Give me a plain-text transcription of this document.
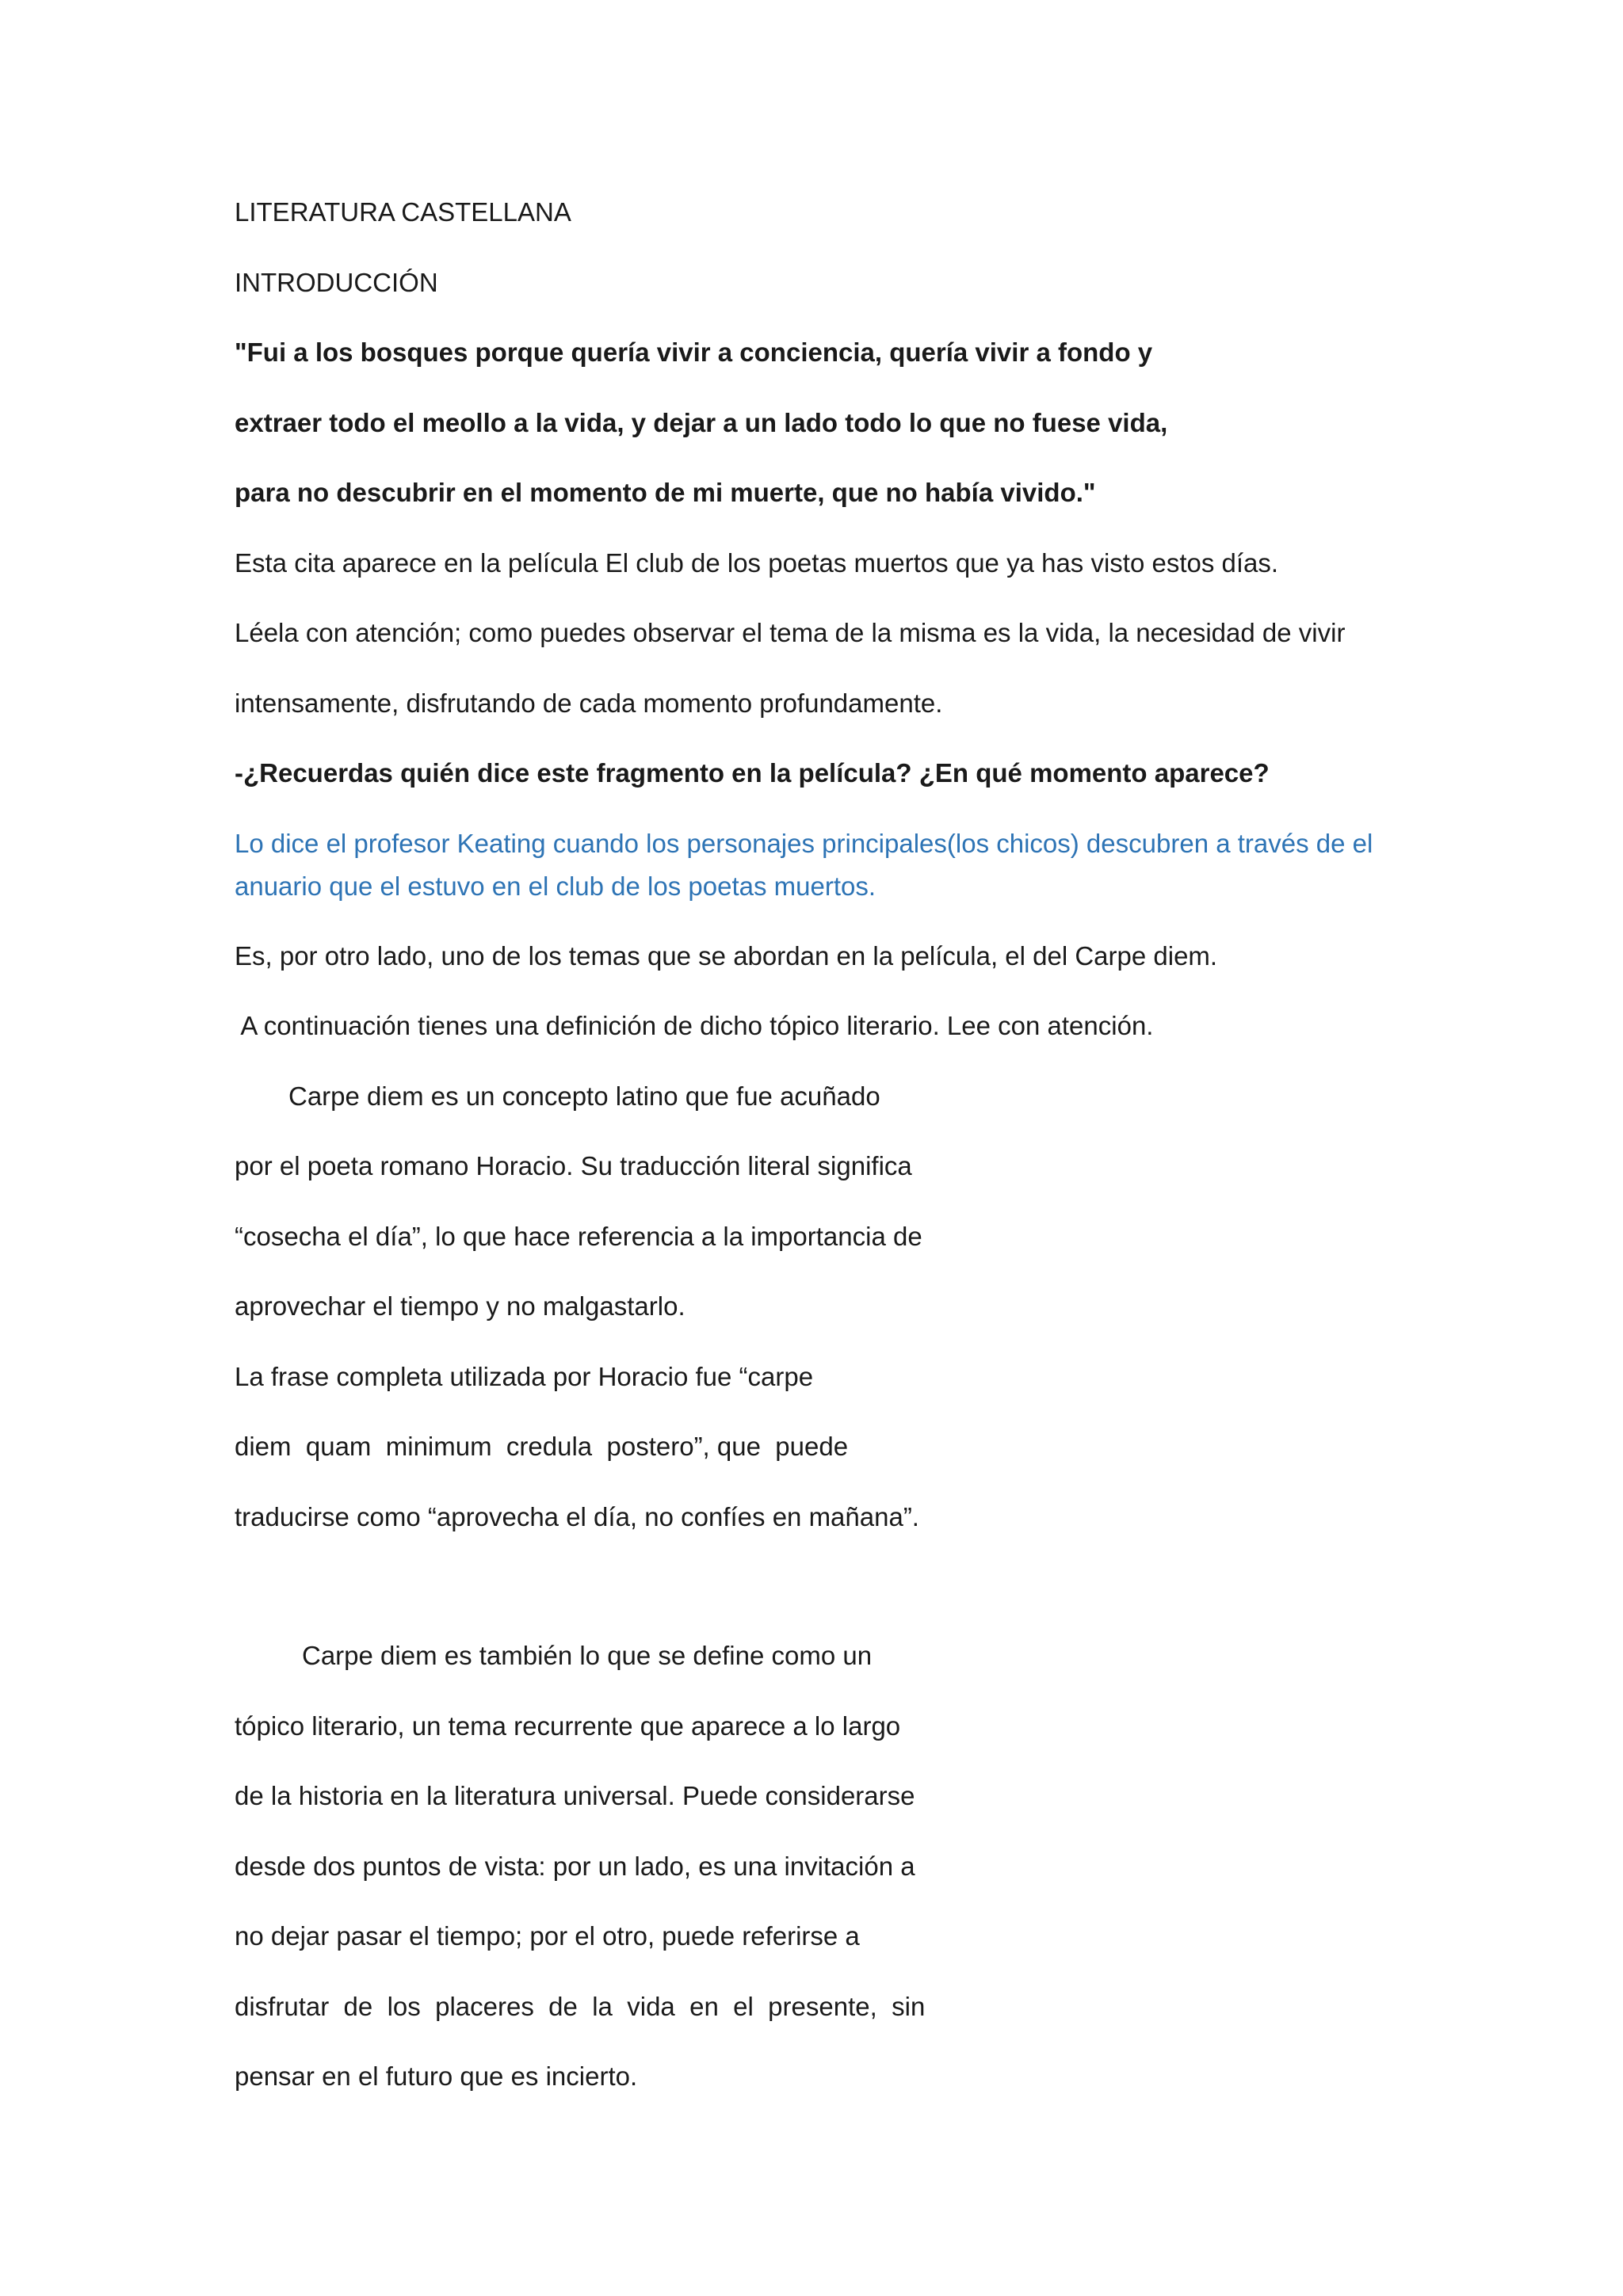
LITERATURA CASTELLANA

INTRODUCCIÓN

"Fui a los bosques porque quería vivir a conciencia, quería vivir a fondo y

extraer todo el meollo a la vida, y dejar a un lado todo lo que no fuese vida,

para no descubrir en el momento de mi muerte, que no había vivido."

Esta cita aparece en la película El club de los poetas muertos que ya has visto estos días.

Léela con atención; como puedes observar el tema de la misma es la vida, la necesidad de vivir

intensamente, disfrutando de cada momento profundamente.

-¿Recuerdas quién dice este fragmento en la película? ¿En qué momento aparece?

Lo dice el profesor Keating cuando los personajes principales(los chicos) descubren a través de el anuario que el estuvo en el club de los poetas muertos.

Es, por otro lado, uno de los temas que se abordan en la película, el del Carpe diem.

A continuación tienes una definición de dicho tópico literario. Lee con atención.

Carpe diem es un concepto latino que fue acuñado

por el poeta romano Horacio. Su traducción literal significa

“cosecha el día”, lo que hace referencia a la importancia de

aprovechar el tiempo y no malgastarlo.

La frase completa utilizada por Horacio fue “carpe

diem  quam  minimum  credula  postero”, que  puede

traducirse como “aprovecha el día, no confíes en mañana”.

Carpe diem es también lo que se define como un

tópico literario, un tema recurrente que aparece a lo largo

de la historia en la literatura universal. Puede considerarse

desde dos puntos de vista: por un lado, es una invitación a

no dejar pasar el tiempo; por el otro, puede referirse a

disfrutar  de  los  placeres  de  la  vida  en  el  presente,  sin

pensar en el futuro que es incierto.
